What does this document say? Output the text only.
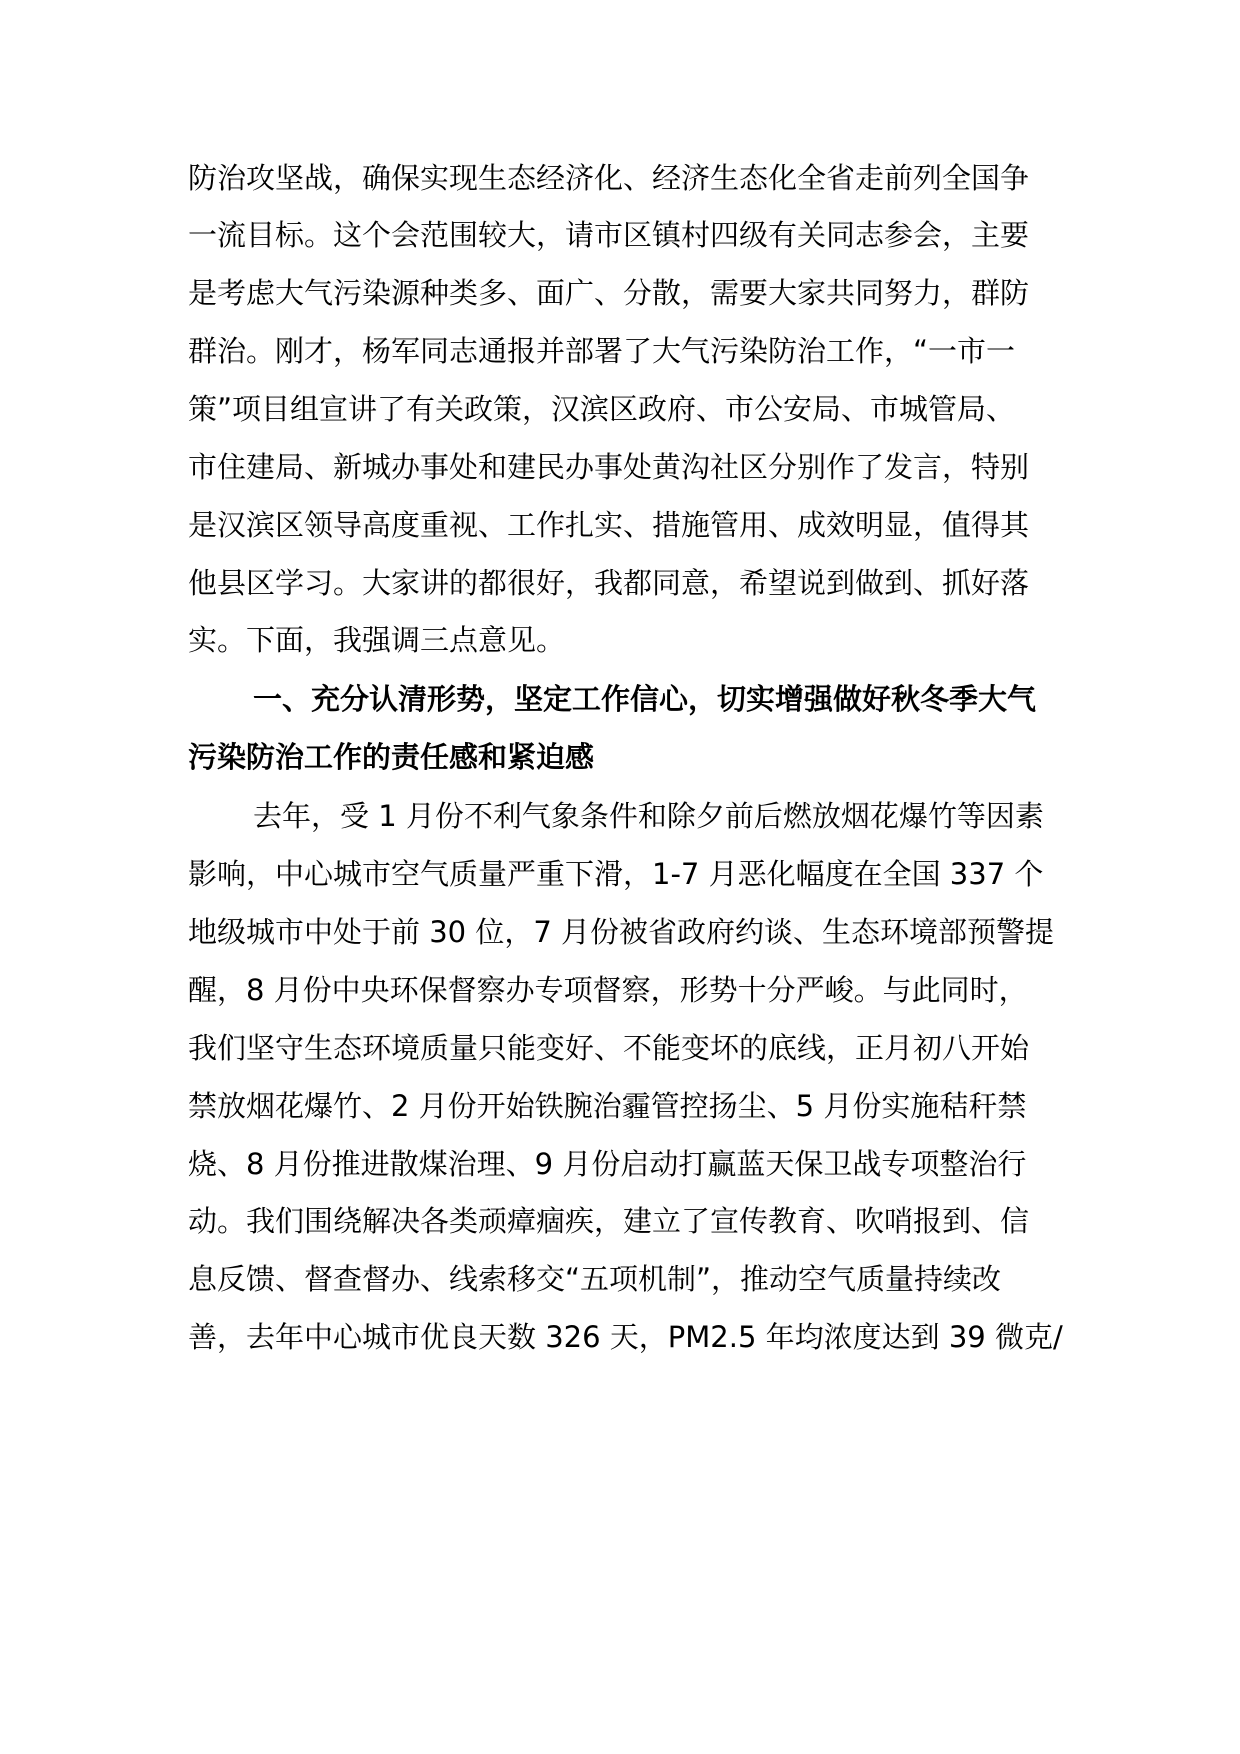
防治攻坚战，确保实现生态经济化、经济生态化全省走前列全国争
一流目标。这个会范围较大，请市区镇村四级有关同志参会，主要
是考虑大气污染源种类多、面广、分散，需要大家共同努力，群防
群治。刚才，杨军同志通报并部署了大气污染防治工作，“一市一
策”项目组宣讲了有关政策，汉滨区政府、市公安局、市城管局、
市住建局、新城办事处和建民办事处黄沟社区分别作了发言，特别
是汉滨区领导高度重视、工作扎实、措施管用、成效明显，值得其
他县区学习。大家讲的都很好，我都同意，希望说到做到、抓好落
实。下面，我强调三点意见。
一、充分认清形势，坚定工作信心，切实增强做好秋冬季大气
污染防治工作的责任感和紧迫感
去年，受 1 月份不利气象条件和除夕前后燃放烟花爆竹等因素
影响，中心城市空气质量严重下滑，1-7 月恶化幅度在全国 337 个
地级城市中处于前 30 位，7 月份被省政府约谈、生态环境部预警提
醒，8 月份中央环保督察办专项督察，形势十分严峻。与此同时，
我们坚守生态环境质量只能变好、不能变坏的底线，正月初八开始
禁放烟花爆竹、2 月份开始铁腕治霾管控扬尘、5 月份实施秸秆禁
烧、8 月份推进散煤治理、9 月份启动打赢蓝天保卫战专项整治行
动。我们围绕解决各类顽瘴痼疾，建立了宣传教育、吹哨报到、信
息反馈、督查督办、线索移交“五项机制”，推动空气质量持续改
善，去年中心城市优良天数 326 天，PM2.5 年均浓度达到 39 微克/
